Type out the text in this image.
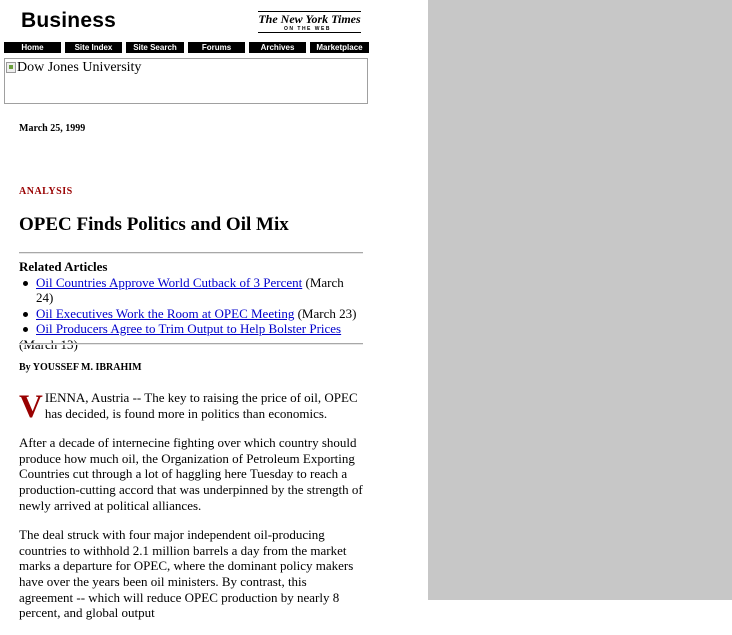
Business	The New York Times
ON THE WEB
Home	Site Index	Site Search	Forums	Archives	Marketplace
Dow Jones University
March 25, 1999
ANALYSIS
OPEC Finds Politics and Oil Mix
Related Articles
Oil Countries Approve World Cutback of 3 Percent (March 24)
Oil Executives Work the Room at OPEC Meeting (March 23)
Oil Producers Agree to Trim Output to Help Bolster Prices
(March 13)
By YOUSSEF M. IBRAHIM

VIENNA, Austria -- The key to raising the price of oil, OPEC has decided, is found more in politics than economics.

After a decade of internecine fighting over which country should produce how much oil, the Organization of Petroleum Exporting Countries cut through a lot of haggling here Tuesday to reach a production-cutting accord that was underpinned by the strength of newly arrived at political alliances.

The deal struck with four major independent oil-producing countries to withhold 2.1 million barrels a day from the market marks a departure for OPEC, where the dominant policy makers have over the years been oil ministers. By contrast, this agreement -- which will reduce OPEC production by nearly 8 percent, and global output
